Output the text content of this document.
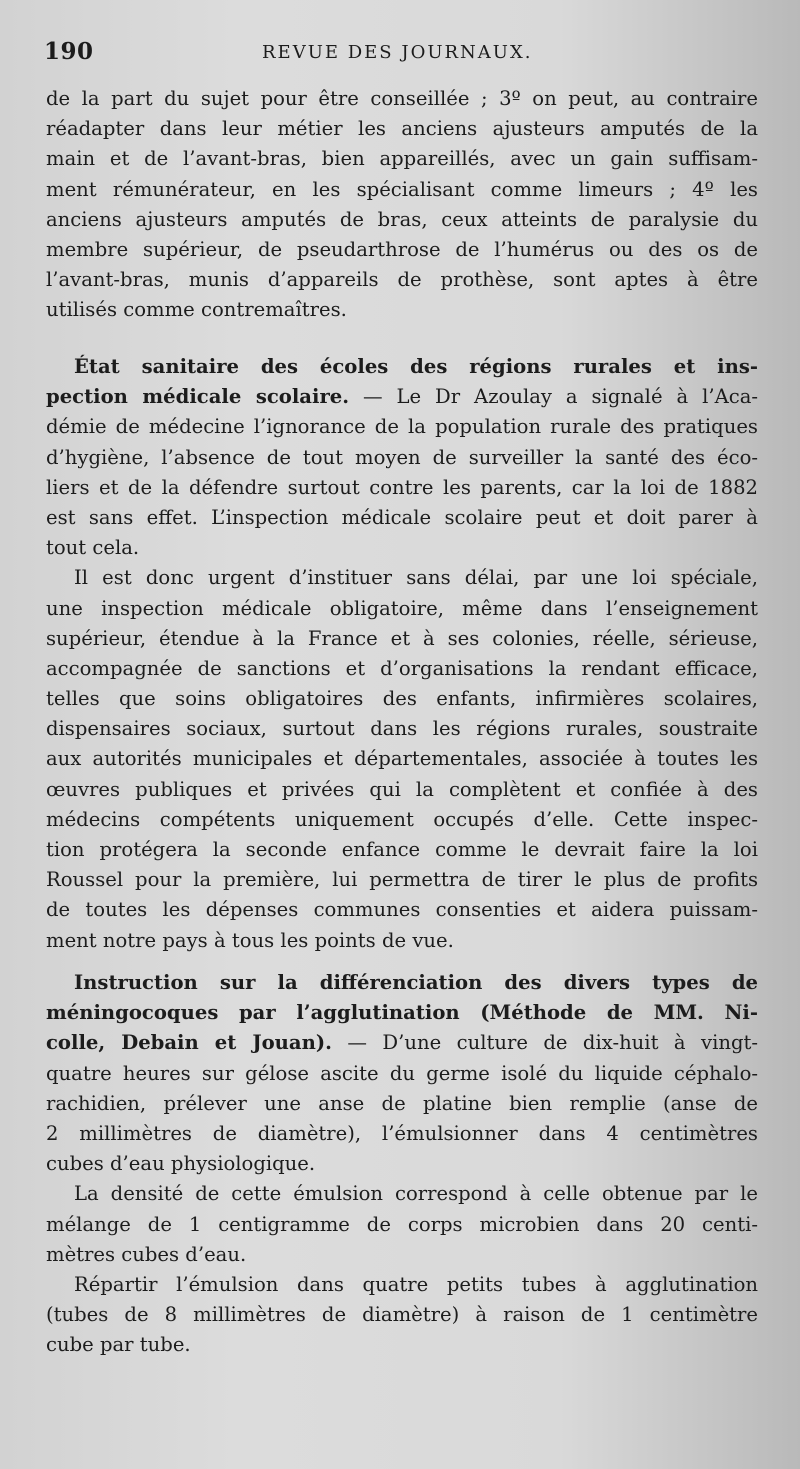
190	REVUE DES JOURNAUX.
de la part du sujet pour être conseillée ; 3º on peut, au contraire
réadapter dans leur métier les anciens ajusteurs amputés de la
main et de l’avant-bras, bien appareillés, avec un gain suffisam-
ment rémunérateur, en les spécialisant comme limeurs ; 4º les
anciens ajusteurs amputés de bras, ceux atteints de paralysie du
membre supérieur, de pseudarthrose de l’humérus ou des os de
l’avant-bras, munis d’appareils de prothèse, sont aptes à être
utilisés comme contremaîtres.
État sanitaire des écoles des régions rurales et ins-
pection médicale scolaire. — Le Dr Azoulay a signalé à l’Aca-
démie de médecine l’ignorance de la population rurale des pratiques
d’hygiène, l’absence de tout moyen de surveiller la santé des éco-
liers et de la défendre surtout contre les parents, car la loi de 1882
est sans effet. L’inspection médicale scolaire peut et doit parer à
tout cela.
Il est donc urgent d’instituer sans délai, par une loi spéciale,
une inspection médicale obligatoire, même dans l’enseignement
supérieur, étendue à la France et à ses colonies, réelle, sérieuse,
accompagnée de sanctions et d’organisations la rendant efficace,
telles que soins obligatoires des enfants, infirmières scolaires,
dispensaires sociaux, surtout dans les régions rurales, soustraite
aux autorités municipales et départementales, associée à toutes les
œuvres publiques et privées qui la complètent et confiée à des
médecins compétents uniquement occupés d’elle. Cette inspec-
tion protégera la seconde enfance comme le devrait faire la loi
Roussel pour la première, lui permettra de tirer le plus de profits
de toutes les dépenses communes consenties et aidera puissam-
ment notre pays à tous les points de vue.
Instruction sur la différenciation des divers types de
méningocoques par l’agglutination (Méthode de MM. Ni-
colle, Debain et Jouan). — D’une culture de dix-huit à vingt-
quatre heures sur gélose ascite du germe isolé du liquide céphalo-
rachidien, prélever une anse de platine bien remplie (anse de
2 millimètres de diamètre), l’émulsionner dans 4 centimètres
cubes d’eau physiologique.
La densité de cette émulsion correspond à celle obtenue par le
mélange de 1 centigramme de corps microbien dans 20 centi-
mètres cubes d’eau.
Répartir l’émulsion dans quatre petits tubes à agglutination
(tubes de 8 millimètres de diamètre) à raison de 1 centimètre
cube par tube.
